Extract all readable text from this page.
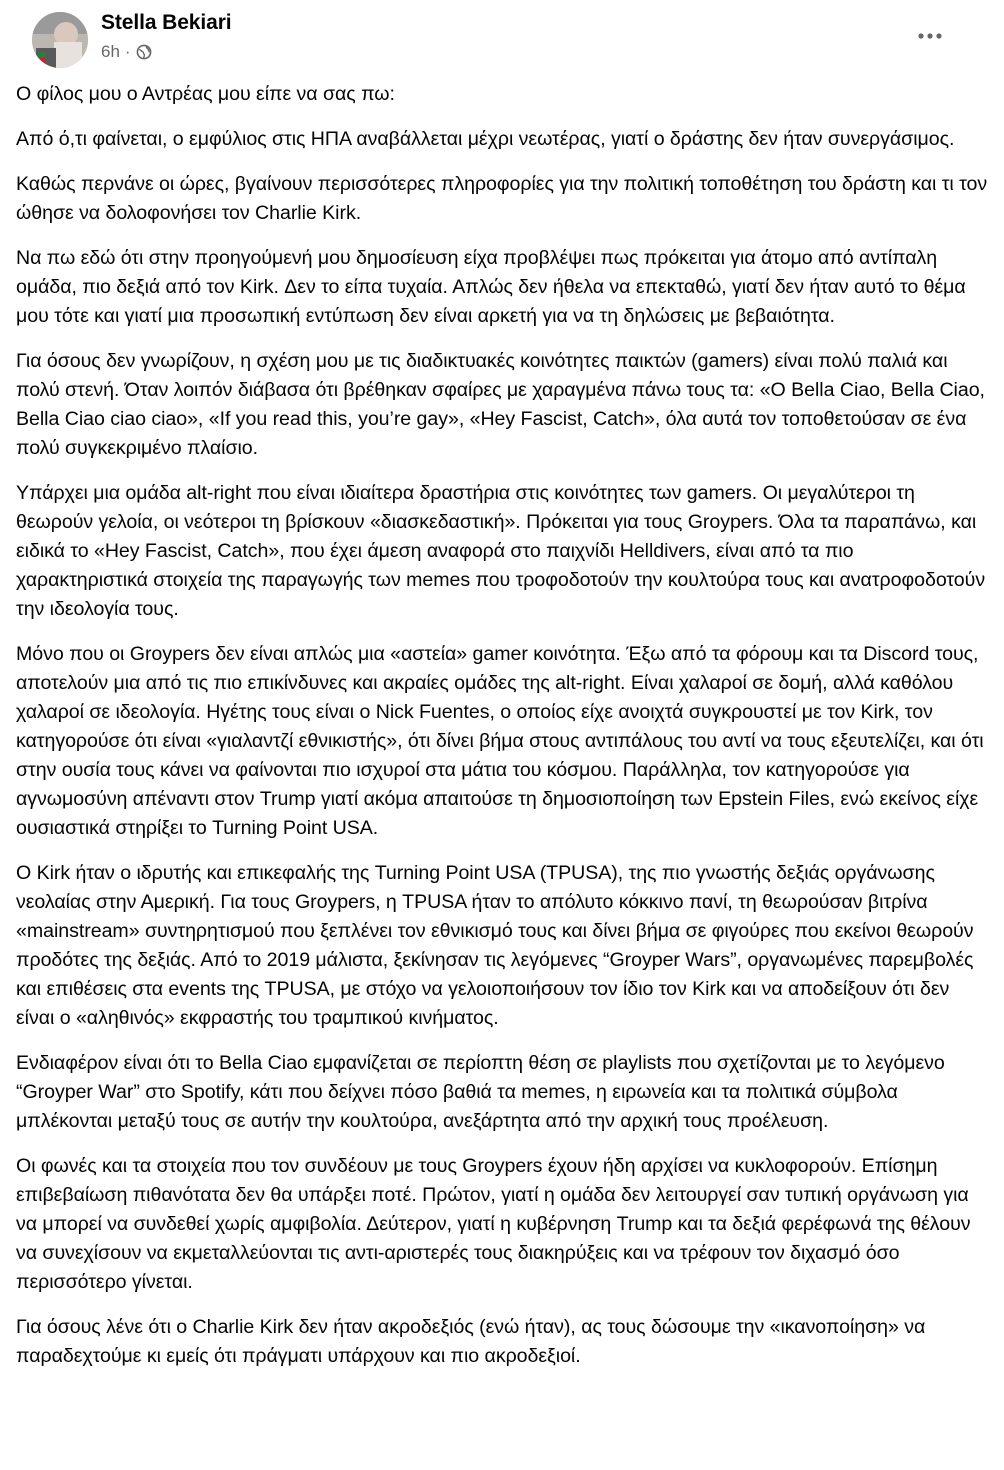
Stella Bekiari
6h ·

Ο φίλος μου ο Αντρέας μου είπε να σας πω:

Από ό,τι φαίνεται, ο εμφύλιος στις ΗΠΑ αναβάλλεται μέχρι νεωτέρας, γιατί ο δράστης δεν ήταν συνεργάσιμος.

Καθώς περνάνε οι ώρες, βγαίνουν περισσότερες πληροφορίες για την πολιτική τοποθέτηση του δράστη και τι τον ώθησε να δολοφονήσει τον Charlie Kirk.

Να πω εδώ ότι στην προηγούμενή μου δημοσίευση είχα προβλέψει πως πρόκειται για άτομο από αντίπαλη ομάδα, πιο δεξιά από τον Kirk. Δεν το είπα τυχαία. Απλώς δεν ήθελα να επεκταθώ, γιατί δεν ήταν αυτό το θέμα μου τότε και γιατί μια προσωπική εντύπωση δεν είναι αρκετή για να τη δηλώσεις με βεβαιότητα.

Για όσους δεν γνωρίζουν, η σχέση μου με τις διαδικτυακές κοινότητες παικτών (gamers) είναι πολύ παλιά και πολύ στενή. Όταν λοιπόν διάβασα ότι βρέθηκαν σφαίρες με χαραγμένα πάνω τους τα: «Ο Bella Ciao, Bella Ciao, Bella Ciao ciao ciao», «If you read this, you’re gay», «Hey Fascist, Catch», όλα αυτά τον τοποθετούσαν σε ένα πολύ συγκεκριμένο πλαίσιο.

Υπάρχει μια ομάδα alt-right που είναι ιδιαίτερα δραστήρια στις κοινότητες των gamers. Οι μεγαλύτεροι τη θεωρούν γελοία, οι νεότεροι τη βρίσκουν «διασκεδαστική». Πρόκειται για τους Groypers. Όλα τα παραπάνω, και ειδικά το «Hey Fascist, Catch», που έχει άμεση αναφορά στο παιχνίδι Helldivers, είναι από τα πιο χαρακτηριστικά στοιχεία της παραγωγής των memes που τροφοδοτούν την κουλτούρα τους και ανατροφοδοτούν την ιδεολογία τους.

Μόνο που οι Groypers δεν είναι απλώς μια «αστεία» gamer κοινότητα. Έξω από τα φόρουμ και τα Discord τους, αποτελούν μια από τις πιο επικίνδυνες και ακραίες ομάδες της alt-right. Είναι χαλαροί σε δομή, αλλά καθόλου χαλαροί σε ιδεολογία. Ηγέτης τους είναι ο Nick Fuentes, ο οποίος είχε ανοιχτά συγκρουστεί με τον Kirk, τον κατηγορούσε ότι είναι «γιαλαντζί εθνικιστής», ότι δίνει βήμα στους αντιπάλους του αντί να τους εξευτελίζει, και ότι στην ουσία τους κάνει να φαίνονται πιο ισχυροί στα μάτια του κόσμου. Παράλληλα, τον κατηγορούσε για αγνωμοσύνη απέναντι στον Trump γιατί ακόμα απαιτούσε τη δημοσιοποίηση των Epstein Files, ενώ εκείνος είχε ουσιαστικά στηρίξει το Turning Point USA.

Ο Kirk ήταν ο ιδρυτής και επικεφαλής της Turning Point USA (TPUSA), της πιο γνωστής δεξιάς οργάνωσης νεολαίας στην Αμερική. Για τους Groypers, η TPUSA ήταν το απόλυτο κόκκινο πανί, τη θεωρούσαν βιτρίνα «mainstream» συντηρητισμού που ξεπλένει τον εθνικισμό τους και δίνει βήμα σε φιγούρες που εκείνοι θεωρούν προδότες της δεξιάς. Από το 2019 μάλιστα, ξεκίνησαν τις λεγόμενες “Groyper Wars”, οργανωμένες παρεμβολές και επιθέσεις στα events της TPUSA, με στόχο να γελοιοποιήσουν τον ίδιο τον Kirk και να αποδείξουν ότι δεν είναι ο «αληθινός» εκφραστής του τραμπικού κινήματος.

Ενδιαφέρον είναι ότι το Bella Ciao εμφανίζεται σε περίοπτη θέση σε playlists που σχετίζονται με το λεγόμενο “Groyper War” στο Spotify, κάτι που δείχνει πόσο βαθιά τα memes, η ειρωνεία και τα πολιτικά σύμβολα μπλέκονται μεταξύ τους σε αυτήν την κουλτούρα, ανεξάρτητα από την αρχική τους προέλευση.

Οι φωνές και τα στοιχεία που τον συνδέουν με τους Groypers έχουν ήδη αρχίσει να κυκλοφορούν. Επίσημη επιβεβαίωση πιθανότατα δεν θα υπάρξει ποτέ. Πρώτον, γιατί η ομάδα δεν λειτουργεί σαν τυπική οργάνωση για να μπορεί να συνδεθεί χωρίς αμφιβολία. Δεύτερον, γιατί η κυβέρνηση Trump και τα δεξιά φερέφωνά της θέλουν να συνεχίσουν να εκμεταλλεύονται τις αντι-αριστερές τους διακηρύξεις και να τρέφουν τον διχασμό όσο περισσότερο γίνεται.

Για όσους λένε ότι ο Charlie Kirk δεν ήταν ακροδεξιός (ενώ ήταν), ας τους δώσουμε την «ικανοποίηση» να παραδεχτούμε κι εμείς ότι πράγματι υπάρχουν και πιο ακροδεξιοί.
